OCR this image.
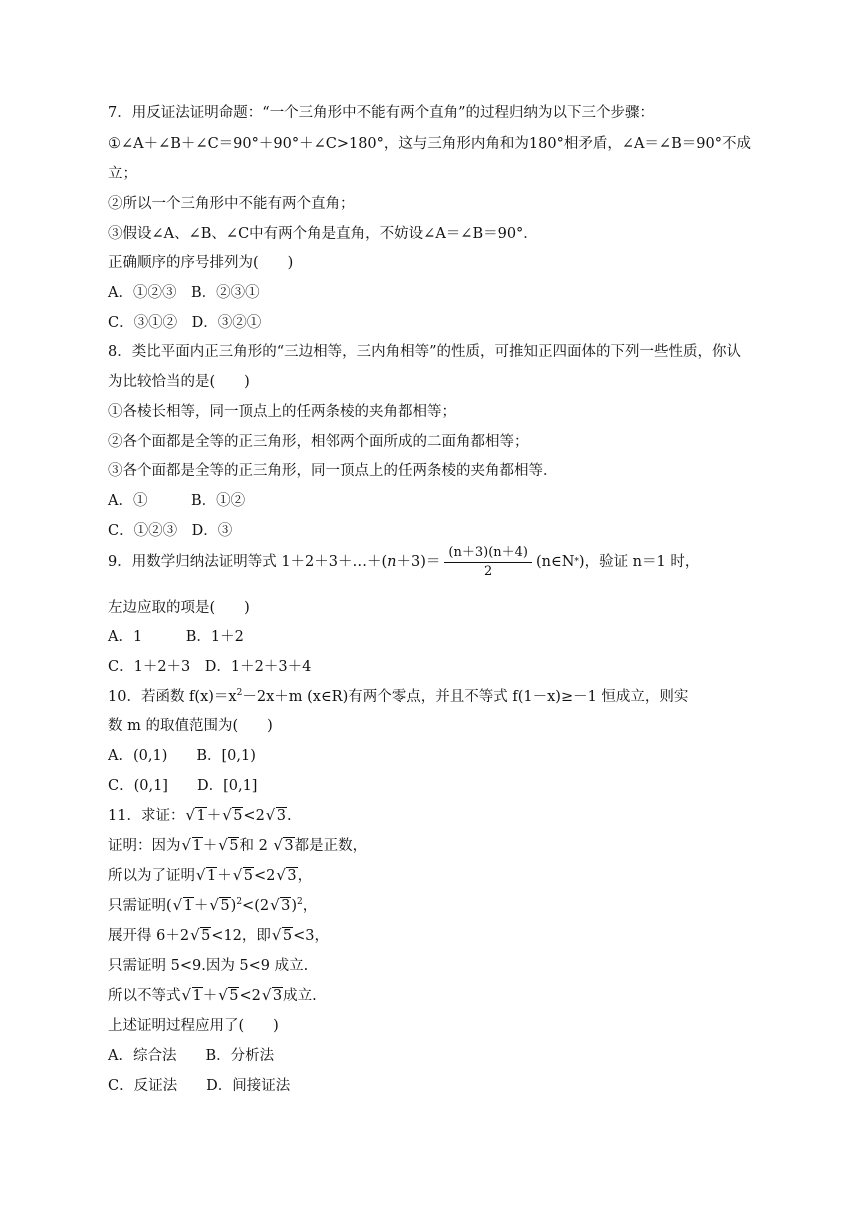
7．用反证法证明命题：“一个三角形中不能有两个直角”的过程归纳为以下三个步骤：
①∠A＋∠B＋∠C＝90°＋90°＋∠C>180°，这与三角形内角和为180°相矛盾，∠A＝∠B＝90°不成
立；
②所以一个三角形中不能有两个直角；
③假设∠A、∠B、∠C中有两个角是直角，不妨设∠A＝∠B＝90°．
正确顺序的序号排列为(　　)
A．①②③　B．②③①
C．③①②　D．③②①
8．类比平面内正三角形的“三边相等，三内角相等”的性质，可推知正四面体的下列一些性质，你认
为比较恰当的是(　　)
①各棱长相等，同一顶点上的任两条棱的夹角都相等；
②各个面都是全等的正三角形，相邻两个面所成的二面角都相等；
③各个面都是全等的正三角形，同一顶点上的任两条棱的夹角都相等．
A．①　　　B．①②
C．①②③　D．③
9．用数学归纳法证明等式 1＋2＋3＋…＋( $n +3)= \frac{(n+3)(n+4)}{2}$ (n∈N * )，验证 n＝1 时，
左边应取的项是(　　)
A．1　　　B．1＋2
C．1＋2＋3　D．1＋2＋3＋4
10．若函数 $f(x)=x^2-2x+m$ (x∈R)有两个零点，并且不等式 f(1－x)≥－1 恒成立，则实
数 m 的取值范围为(　　)
A．(0,1)　　B．[0,1)
C．(0,1]　　D．[0,1]
11．求证： √ 1＋ √ 5<2 √ 3.
证明：因为 √ 1＋ √ 5和 2 √ 3都是正数，
所以为了证明 √ 1＋ √ 5<2 √ 3，
只需证明( √ 1＋ √ 5)$^2$<(2 √ 3)$^2$，
展开得 6＋2 √ 5<12，即 √ 5<3，
只需证明 5<9.因为 5<9 成立.
所以不等式 √ 1＋ √ 5<2 √ 3成立.
上述证明过程应用了(　　)
A．综合法　　B．分析法
C．反证法　　D．间接证法
